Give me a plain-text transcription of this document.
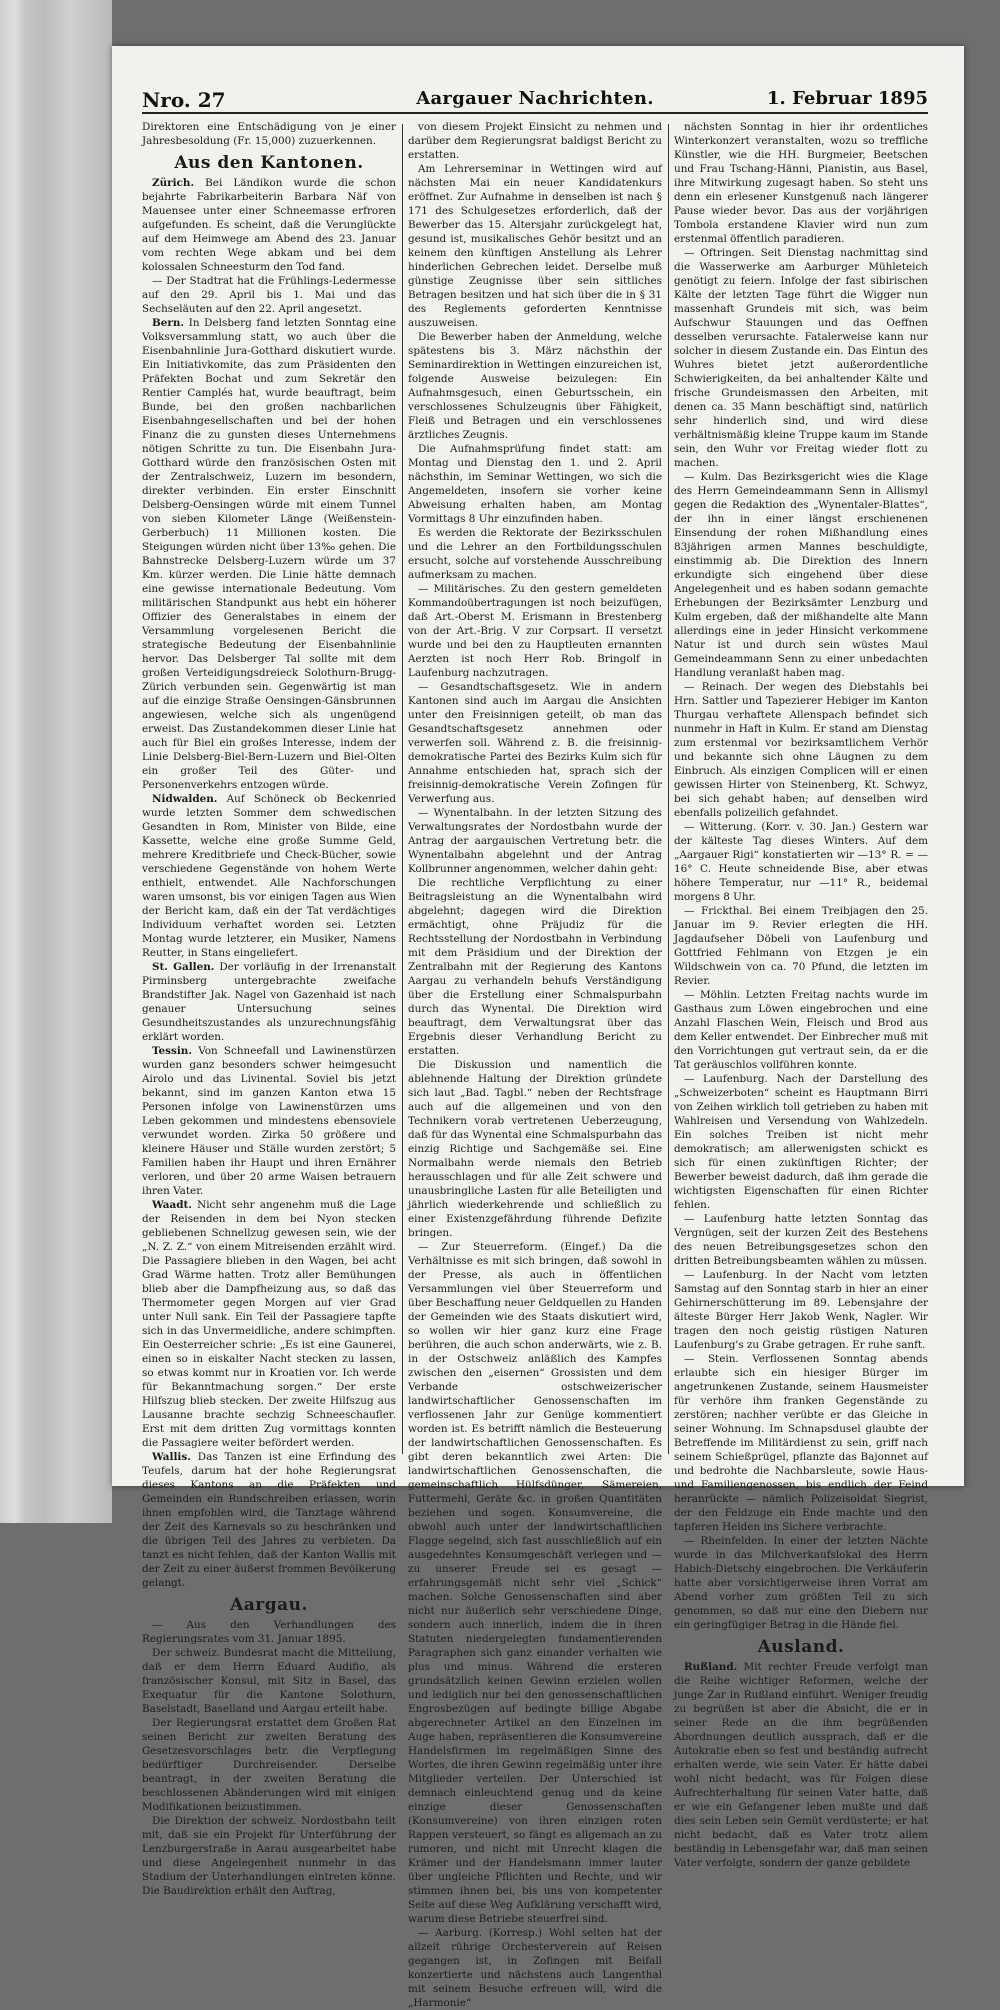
Nro. 27	Aargauer Nachrichten.	1. Februar 1895

Direktoren eine Entschädigung von je einer Jahresbesoldung (Fr. 15,000) zuzuerkennen.

Aus den Kantonen.

Zürich. Bei Ländikon wurde die schon bejahrte Fabrikarbeiterin Barbara Näf von Mauensee unter einer Schneemasse erfroren aufgefunden. Es scheint, daß die Verunglückte auf dem Heimwege am Abend des 23. Januar vom rechten Wege abkam und bei dem kolossalen Schneesturm den Tod fand.

— Der Stadtrat hat die Frühlings-Ledermesse auf den 29. April bis 1. Mai und das Sechseläuten auf den 22. April angesetzt.

Bern. In Delsberg fand letzten Sonntag eine Volksversammlung statt, wo auch über die Eisenbahnlinie Jura-Gotthard diskutiert wurde. Ein Initiativkomite, das zum Präsidenten den Präfekten Bochat und zum Sekretär den Rentier Camplés hat, wurde beauftragt, beim Bunde, bei den großen nachbarlichen Eisenbahngesellschaften und bei der hohen Finanz die zu gunsten dieses Unternehmens nötigen Schritte zu tun. Die Eisenbahn Jura-Gotthard würde den französischen Osten mit der Zentralschweiz, Luzern im besondern, direkter verbinden. Ein erster Einschnitt Delsberg-Oensingen würde mit einem Tunnel von sieben Kilometer Länge (Weißenstein-Gerberbuch) 11 Millionen kosten. Die Steigungen würden nicht über 13‰ gehen. Die Bahnstrecke Delsberg-Luzern würde um 37 Km. kürzer werden. Die Linie hätte demnach eine gewisse internationale Bedeutung. Vom militärischen Standpunkt aus hebt ein höherer Offizier des Generalstabes in einem der Versammlung vorgelesenen Bericht die strategische Bedeutung der Eisenbahnlinie hervor. Das Delsberger Tal sollte mit dem großen Verteidigungsdreieck Solothurn-Brugg-Zürich verbunden sein. Gegenwärtig ist man auf die einzige Straße Oensingen-Gänsbrunnen angewiesen, welche sich als ungenügend erweist. Das Zustandekommen dieser Linie hat auch für Biel ein großes Interesse, indem der Linie Delsberg-Biel-Bern-Luzern und Biel-Olten ein großer Teil des Güter- und Personenverkehrs entzogen würde.

Nidwalden. Auf Schöneck ob Beckenried wurde letzten Sommer dem schwedischen Gesandten in Rom, Minister von Bilde, eine Kassette, welche eine große Summe Geld, mehrere Kreditbriefe und Check-Bücher, sowie verschiedene Gegenstände von hohem Werte enthielt, entwendet. Alle Nachforschungen waren umsonst, bis vor einigen Tagen aus Wien der Bericht kam, daß ein der Tat verdächtiges Individuum verhaftet worden sei. Letzten Montag wurde letzterer, ein Musiker, Namens Reutter, in Stans eingeliefert.

St. Gallen. Der vorläufig in der Irrenanstalt Pirminsberg untergebrachte zweifache Brandstifter Jak. Nagel von Gazenhaid ist nach genauer Untersuchung seines Gesundheitszustandes als unzurechnungsfähig erklärt worden.

Tessin. Von Schneefall und Lawinenstürzen wurden ganz besonders schwer heimgesucht Airolo und das Livinental. Soviel bis jetzt bekannt, sind im ganzen Kanton etwa 15 Personen infolge von Lawinenstürzen ums Leben gekommen und mindestens ebensoviele verwundet worden. Zirka 50 größere und kleinere Häuser und Ställe wurden zerstört; 5 Familien haben ihr Haupt und ihren Ernährer verloren, und über 20 arme Waisen betrauern ihren Vater.

Waadt. Nicht sehr angenehm muß die Lage der Reisenden in dem bei Nyon stecken gebliebenen Schnellzug gewesen sein, wie der „N. Z. Z.“ von einem Mitreisenden erzählt wird. Die Passagiere blieben in den Wagen, bei acht Grad Wärme hatten. Trotz aller Bemühungen blieb aber die Dampfheizung aus, so daß das Thermometer gegen Morgen auf vier Grad unter Null sank. Ein Teil der Passagiere tapfte sich in das Unvermeidliche, andere schimpften. Ein Oesterreicher schrie: „Es ist eine Gaunerei, einen so in eiskalter Nacht stecken zu lassen, so etwas kommt nur in Kroatien vor. Ich werde für Bekanntmachung sorgen.“ Der erste Hilfszug blieb stecken. Der zweite Hilfszug aus Lausanne brachte sechzig Schneeschaufler. Erst mit dem dritten Zug vormittags konnten die Passagiere weiter befördert werden.

Wallis. Das Tanzen ist eine Erfindung des Teufels, darum hat der hohe Regierungsrat dieses Kantons an die Präfekten und Gemeinden ein Rundschreiben erlassen, worin ihnen empfohlen wird, die Tanztage während der Zeit des Karnevals so zu beschränken und die übrigen Teil des Jahres zu verbieten. Da tanzt es nicht fehlen, daß der Kanton Wallis mit der Zeit zu einer äußerst frommen Bevölkerung gelangt.

Aargau.

— Aus den Verhandlungen des Regierungsrates vom 31. Januar 1895.

Der schweiz. Bundesrat macht die Mitteilung, daß er dem Herrn Eduard Audifio, als französischer Konsul, mit Sitz in Basel, das Exequatur für die Kantone Solothurn, Baselstadt, Baselland und Aargau erteilt habe.

Der Regierungsrat erstattet dem Großen Rat seinen Bericht zur zweiten Beratung des Gesetzesvorschlages betr. die Verpflegung bedürftiger Durchreisender. Derselbe beantragt, in der zweiten Beratung die beschlossenen Abänderungen wird mit einigen Modifikationen beizustimmen.

Die Direktion der schweiz. Nordostbahn teilt mit, daß sie ein Projekt für Unterführung der Lenzburgerstraße in Aarau ausgearbeitet habe und diese Angelegenheit nunmehr in das Stadium der Unterhandlungen eintreten könne. Die Baudirektion erhält den Auftrag,

von diesem Projekt Einsicht zu nehmen und darüber dem Regierungsrat baldigst Bericht zu erstatten.

Am Lehrerseminar in Wettingen wird auf nächsten Mai ein neuer Kandidatenkurs eröffnet. Zur Aufnahme in denselben ist nach § 171 des Schulgesetzes erforderlich, daß der Bewerber das 15. Altersjahr zurückgelegt hat, gesund ist, musikalisches Gehör besitzt und an keinem den künftigen Anstellung als Lehrer hinderlichen Gebrechen leidet. Derselbe muß günstige Zeugnisse über sein sittliches Betragen besitzen und hat sich über die in § 31 des Reglements geforderten Kenntnisse auszuweisen.

Die Bewerber haben der Anmeldung, welche spätestens bis 3. März nächsthin der Seminardirektion in Wettingen einzureichen ist, folgende Ausweise beizulegen: Ein Aufnahmsgesuch, einen Geburtsschein, ein verschlossenes Schulzeugnis über Fähigkeit, Fleiß und Betragen und ein verschlossenes ärztliches Zeugnis.

Die Aufnahmsprüfung findet statt: am Montag und Dienstag den 1. und 2. April nächsthin, im Seminar Wettingen, wo sich die Angemeldeten, insofern sie vorher keine Abweisung erhalten haben, am Montag Vormittags 8 Uhr einzufinden haben.

Es werden die Rektorate der Bezirksschulen und die Lehrer an den Fortbildungsschulen ersucht, solche auf vorstehende Ausschreibung aufmerksam zu machen.

— Militärisches. Zu den gestern gemeldeten Kommandoübertragungen ist noch beizufügen, daß Art.-Oberst M. Erismann in Brestenberg von der Art.-Brig. V zur Corpsart. II versetzt wurde und bei den zu Hauptleuten ernannten Aerzten ist noch Herr Rob. Bringolf in Laufenburg nachzutragen.

— Gesandtschaftsgesetz. Wie in andern Kantonen sind auch im Aargau die Ansichten unter den Freisinnigen geteilt, ob man das Gesandtschaftsgesetz annehmen oder verwerfen soll. Während z. B. die freisinnig-demokratische Partei des Bezirks Kulm sich für Annahme entschieden hat, sprach sich der freisinnig-demokratische Verein Zofingen für Verwerfung aus.

— Wynentalbahn. In der letzten Sitzung des Verwaltungsrates der Nordostbahn wurde der Antrag der aargauischen Vertretung betr. die Wynentalbahn abgelehnt und der Antrag Kollbrunner angenommen, welcher dahin geht:

Die rechtliche Verpflichtung zu einer Beitragsleistung an die Wynentalbahn wird abgelehnt; dagegen wird die Direktion ermächtigt, ohne Präjudiz für die Rechtsstellung der Nordostbahn in Verbindung mit dem Präsidium und der Direktion der Zentralbahn mit der Regierung des Kantons Aargau zu verhandeln behufs Verständigung über die Erstellung einer Schmalspurbahn durch das Wynental. Die Direktion wird beauftragt, dem Verwaltungsrat über das Ergebnis dieser Verhandlung Bericht zu erstatten.

Die Diskussion und namentlich die ablehnende Haltung der Direktion gründete sich laut „Bad. Tagbl.“ neben der Rechtsfrage auch auf die allgemeinen und von den Technikern vorab vertretenen Ueberzeugung, daß für das Wynental eine Schmalspurbahn das einzig Richtige und Sachgemäße sei. Eine Normalbahn werde niemals den Betrieb herausschlagen und für alle Zeit schwere und unausbringliche Lasten für alle Beteiligten und jährlich wiederkehrende und schließlich zu einer Existenzgefährdung führende Defizite bringen.

— Zur Steuerreform. (Eingef.) Da die Verhältnisse es mit sich bringen, daß sowohl in der Presse, als auch in öffentlichen Versammlungen viel über Steuerreform und über Beschaffung neuer Geldquellen zu Handen der Gemeinden wie des Staats diskutiert wird, so wollen wir hier ganz kurz eine Frage berühren, die auch schon anderwärts, wie z. B. in der Ostschweiz anläßlich des Kampfes zwischen den „eisernen“ Grossisten und dem Verbande ostschweizerischer landwirtschaftlicher Genossenschaften im verflossenen Jahr zur Genüge kommentiert worden ist. Es betrifft nämlich die Besteuerung der landwirtschaftlichen Genossenschaften. Es gibt deren bekanntlich zwei Arten: Die landwirtschaftlichen Genossenschaften, die gemeinschaftlich Hülfsdünger, Sämereien, Futtermehl, Geräte &c. in großen Quantitäten beziehen und sogen. Konsumvereine, die obwohl auch unter der landwirtschaftlichen Flagge segelnd, sich fast ausschließlich auf ein ausgedehntes Konsumgeschäft verlegen und — zu unserer Freude sei es gesagt — erfahrungsgemäß nicht sehr viel „Schick“ machen. Solche Genossenschaften sind aber nicht nur äußerlich sehr verschiedene Dinge, sondern auch innerlich, indem die in ihren Statuten niedergelegten fundamentierenden Paragraphen sich ganz einander verhalten wie plus und minus. Während die ersteren grundsätzlich keinen Gewinn erzielen wollen und lediglich nur bei den genossenschaftlichen Engrosbezügen auf bedingte billige Abgabe abgerechneter Artikel an den Einzelnen im Auge haben, repräsentieren die Konsumvereine Handelsfirmen im regelmäßigen Sinne des Wortes, die ihren Gewinn regelmäßig unter ihre Mitglieder verteilen. Der Unterschied ist demnach einleuchtend genug und da keine einzige dieser Genossenschaften (Konsumvereine) von ihren einzigen roten Rappen versteuert, so fängt es allgemach an zu rumoren, und nicht mit Unrecht klagen die Krämer und der Handelsmann immer lauter über ungleiche Pflichten und Rechte, und wir stimmen ihnen bei, bis uns von kompetenter Seite auf diese Weg Aufklärung verschafft wird, warum diese Betriebe steuerfrei sind.

— Aarburg. (Korresp.) Wohl selten hat der allzeit rührige Orchesterverein auf Reisen gegangen ist, in Zofingen mit Beifall konzertierte und nächstens auch Langenthal mit seinem Besuche erfreuen will, wird die „Harmonie“

nächsten Sonntag in hier ihr ordentliches Winterkonzert veranstalten, wozu so treffliche Künstler, wie die HH. Burgmeier, Beetschen und Frau Tschang-Hänni, Pianistin, aus Basel, ihre Mitwirkung zugesagt haben. So steht uns denn ein erlesener Kunstgenuß nach längerer Pause wieder bevor. Das aus der vorjährigen Tombola erstandene Klavier wird nun zum erstenmal öffentlich paradieren.

— Oftringen. Seit Dienstag nachmittag sind die Wasserwerke am Aarburger Mühleteich genötigt zu feiern. Infolge der fast sibirischen Kälte der letzten Tage führt die Wigger nun massenhaft Grundeis mit sich, was beim Aufschwur Stauungen und das Oeffnen desselben verursachte. Fatalerweise kann nur solcher in diesem Zustande ein. Das Eintun des Wuhres bietet jetzt außerordentliche Schwierigkeiten, da bei anhaltender Kälte und frische Grundeismassen den Arbeiten, mit denen ca. 35 Mann beschäftigt sind, natürlich sehr hinderlich sind, und wird diese verhältnismäßig kleine Truppe kaum im Stande sein, den Wuhr vor Freitag wieder flott zu machen.

— Kulm. Das Bezirksgericht wies die Klage des Herrn Gemeindeammann Senn in Allismyl gegen die Redaktion des „Wynentaler-Blattes“, der ihn in einer längst erschienenen Einsendung der rohen Mißhandlung eines 83jährigen armen Mannes beschuldigte, einstimmig ab. Die Direktion des Innern erkundigte sich eingehend über diese Angelegenheit und es haben sodann gemachte Erhebungen der Bezirksämter Lenzburg und Kulm ergeben, daß der mißhandelte alte Mann allerdings eine in jeder Hinsicht verkommene Natur ist und durch sein wüstes Maul Gemeindeammann Senn zu einer unbedachten Handlung veranlaßt haben mag.

— Reinach. Der wegen des Diebstahls bei Hrn. Sattler und Tapezierer Hebiger im Kanton Thurgau verhaftete Allenspach befindet sich nunmehr in Haft in Kulm. Er stand am Dienstag zum erstenmal vor bezirksamtlichem Verhör und bekannte sich ohne Läugnen zu dem Einbruch. Als einzigen Complicen will er einen gewissen Hirter von Steinenberg, Kt. Schwyz, bei sich gehabt haben; auf denselben wird ebenfalls polizeilich gefahndet.

— Witterung. (Korr. v. 30. Jan.) Gestern war der kälteste Tag dieses Winters. Auf dem „Aargauer Rigi“ konstatierten wir —13° R. = —16° C. Heute schneidende Bise, aber etwas höhere Temperatur, nur —11° R., beidemal morgens 8 Uhr.

— Frickthal. Bei einem Treibjagen den 25. Januar im 9. Revier erlegten die HH. Jagdaufseher Döbeli von Laufenburg und Gottfried Fehlmann von Etzgen je ein Wildschwein von ca. 70 Pfund, die letzten im Revier.

— Möhlin. Letzten Freitag nachts wurde im Gasthaus zum Löwen eingebrochen und eine Anzahl Flaschen Wein, Fleisch und Brod aus dem Keller entwendet. Der Einbrecher muß mit den Vorrichtungen gut vertraut sein, da er die Tat geräuschlos vollführen konnte.

— Laufenburg. Nach der Darstellung des „Schweizerboten“ scheint es Hauptmann Birri von Zeihen wirklich toll getrieben zu haben mit Wahlreisen und Versendung von Wahlzedeln. Ein solches Treiben ist nicht mehr demokratisch; am allerwenigsten schickt es sich für einen zukünftigen Richter; der Bewerber beweist dadurch, daß ihm gerade die wichtigsten Eigenschaften für einen Richter fehlen.

— Laufenburg hatte letzten Sonntag das Vergnügen, seit der kurzen Zeit des Bestehens des neuen Betreibungsgesetzes schon den dritten Betreibungsbeamten wählen zu müssen.

— Laufenburg. In der Nacht vom letzten Samstag auf den Sonntag starb in hier an einer Gehirnerschütterung im 89. Lebensjahre der älteste Bürger Herr Jakob Wenk, Nagler. Wir tragen den noch geistig rüstigen Naturen Laufenburg's zu Grabe getragen. Er ruhe sanft.

— Stein. Verflossenen Sonntag abends erlaubte sich ein hiesiger Bürger im angetrunkenen Zustande, seinem Hausmeister für verhöre ihm franken Gegenstände zu zerstören; nachher verübte er das Gleiche in seiner Wohnung. Im Schnapsdusel glaubte der Betreffende im Militärdienst zu sein, griff nach seinem Schießprügel, pflanzte das Bajonnet auf und bedrohte die Nachbarsleute, sowie Haus- und Familiengenossen, bis endlich der Feind heranrückte — nämlich Polizeisoldat Siegrist, der den Feldzuge ein Ende machte und den tapferen Helden ins Sichere verbrachte.

— Rheinfelden. In einer der letzten Nächte wurde in das Milchverkaufslokal des Herrn Habich-Dietschy eingebrochen. Die Verkäuferin hatte aber vorsichtigerweise ihren Vorrat am Abend vorher zum größten Teil zu sich genommen, so daß nur eine den Diebern nur ein geringfügiger Betrag in die Hände fiel.

Ausland.

Rußland. Mit rechter Freude verfolgt man die Reihe wichtiger Reformen, welche der junge Zar in Rußland einführt. Weniger freudig zu begrüßen ist aber die Absicht, die er in seiner Rede an die ihm begrüßenden Abordnungen deutlich aussprach, daß er die Autokratie eben so fest und beständig aufrecht erhalten werde, wie sein Vater. Er hätte dabei wohl nicht bedacht, was für Folgen diese Aufrechterhaltung für seinen Vater hatte, daß er wie ein Gefangener leben mußte und daß dies sein Leben sein Gemüt verdüsterte; er hat nicht bedacht, daß es Vater trotz allem beständig in Lebensgefahr war, daß man seinen Vater verfolgte, sondern der ganze gebildete
